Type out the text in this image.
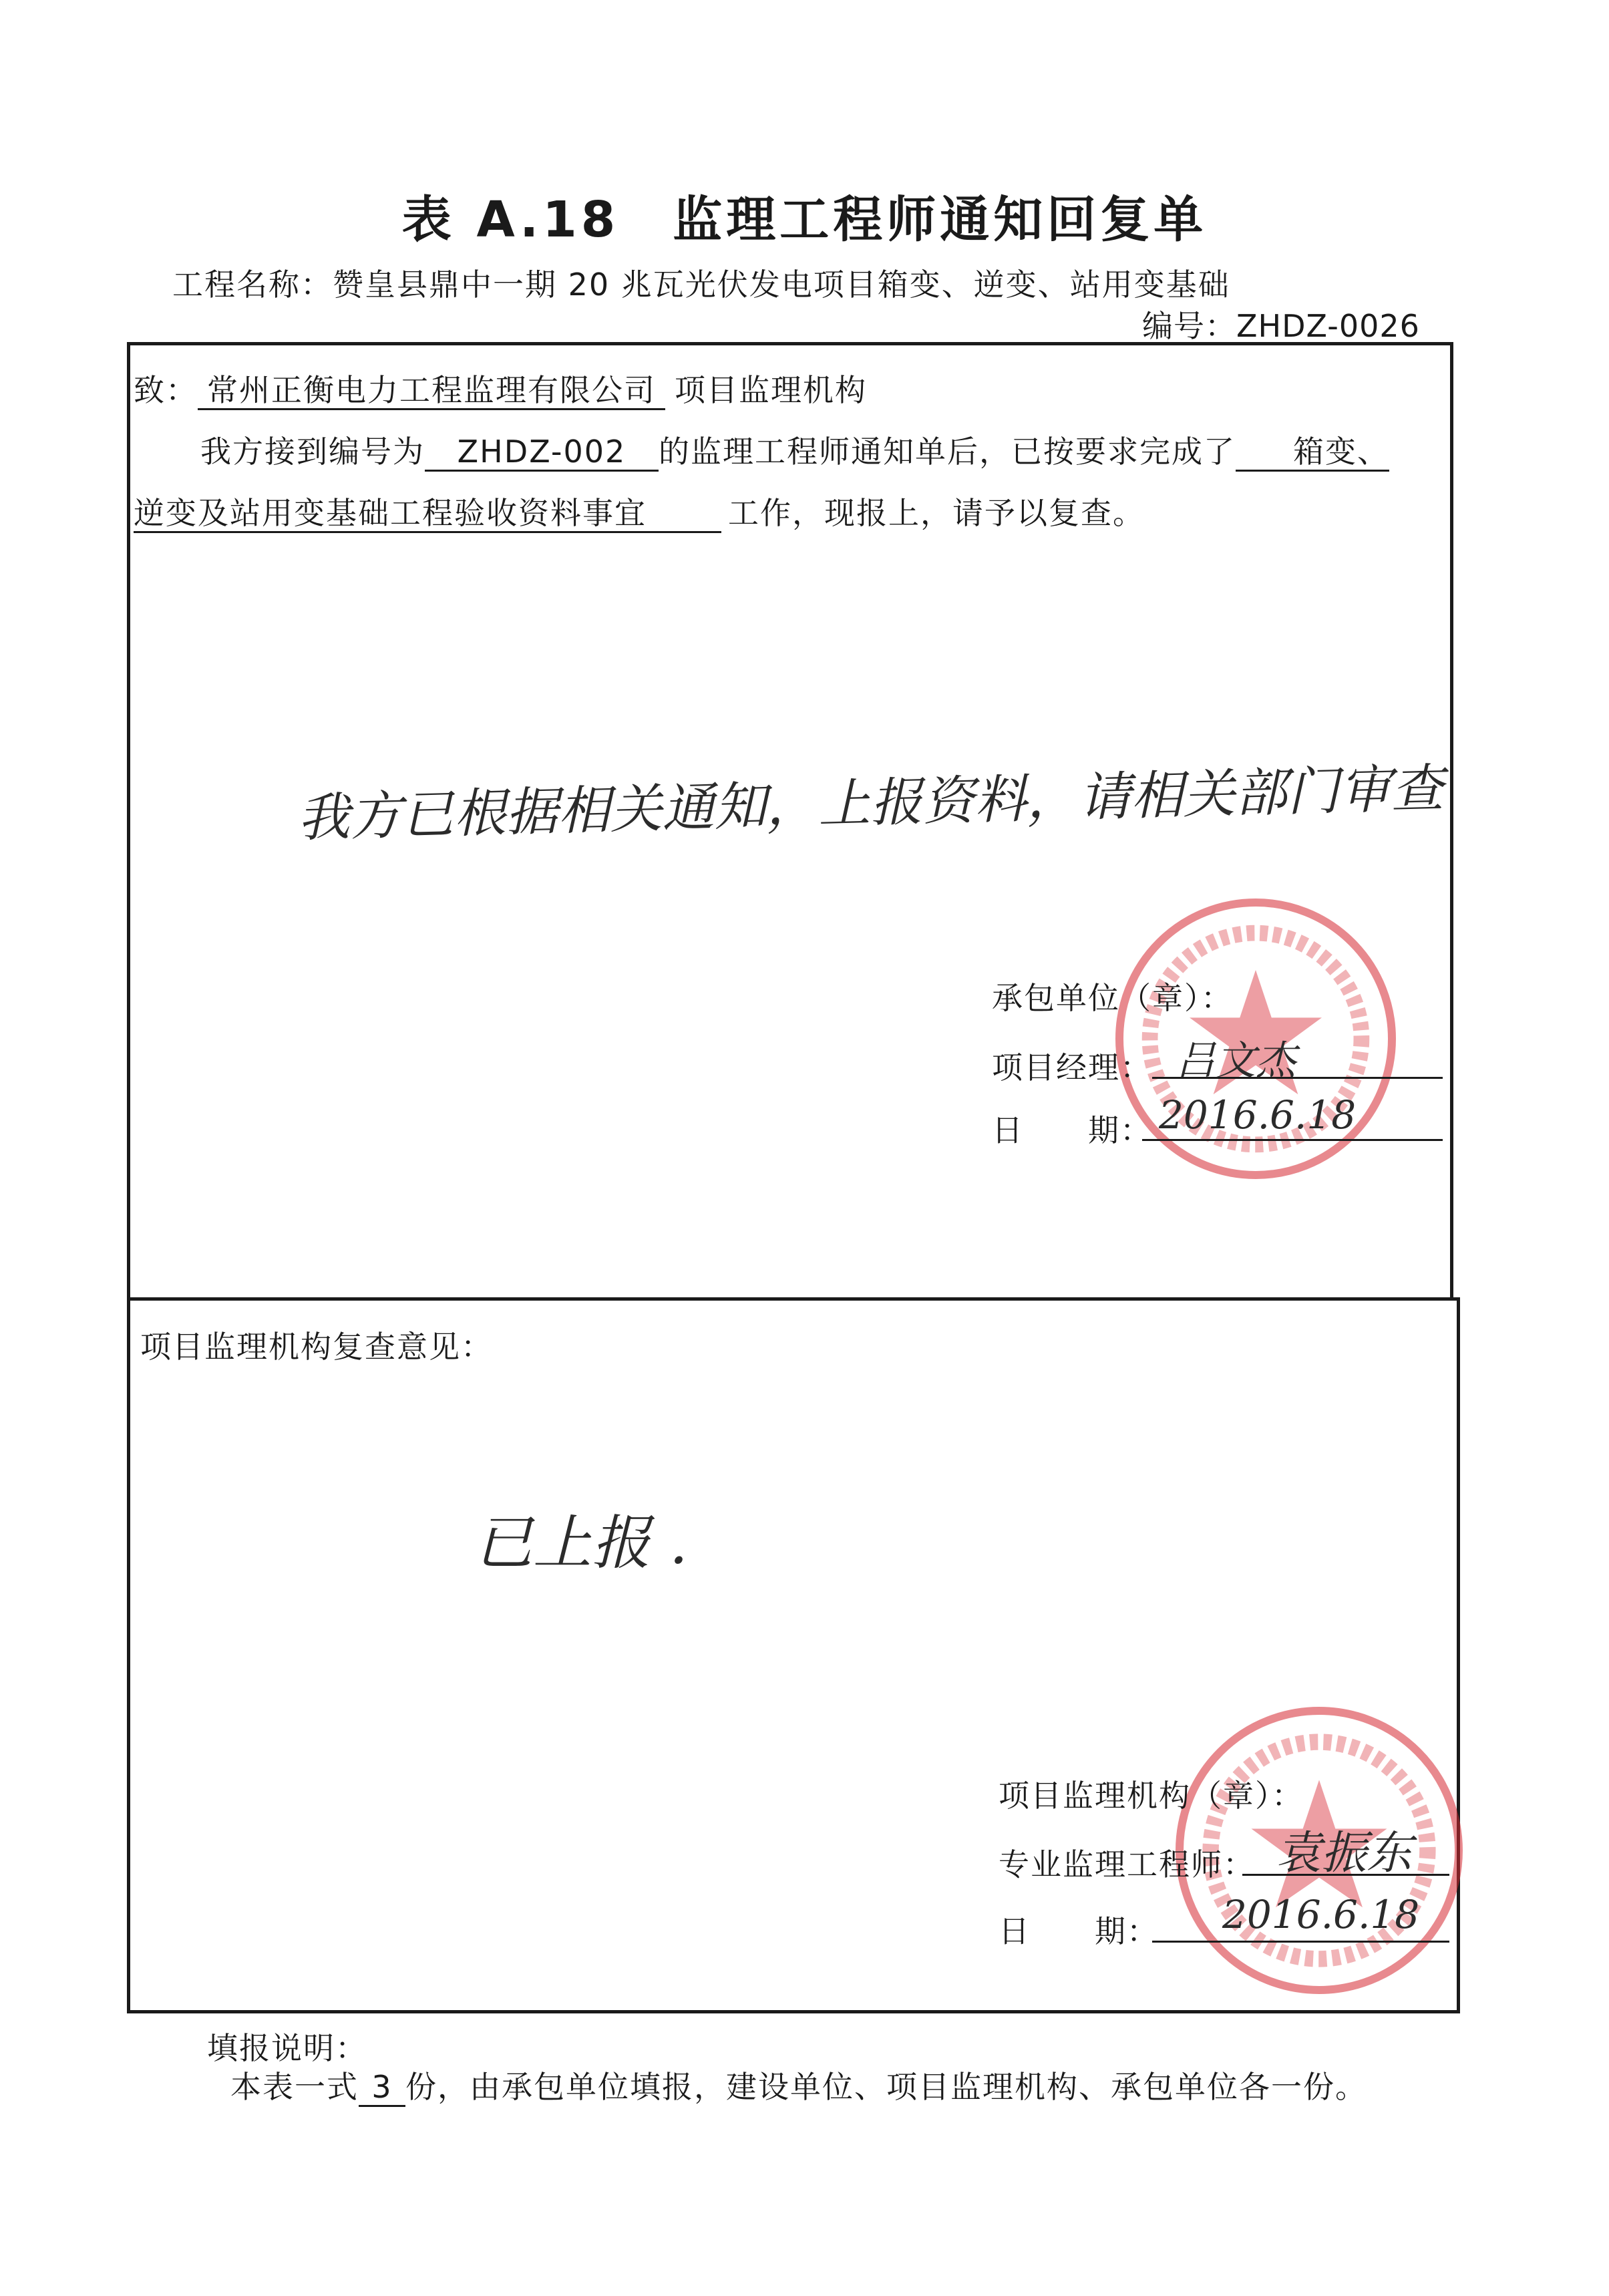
表 A.18 监理工程师通知回复单
工程名称：赞皇县鼎中一期 20 兆瓦光伏发电项目箱变、逆变、站用变基础
编号：ZHDZ-0026
致： 常州正衡电力工程监理有限公司 项目监理机构
我方接到编号为 ZHDZ-002 的监理工程师通知单后，已按要求完成了 箱变、
逆变及站用变基础工程验收资料事宜	工作，现报上，请予以复查。
我方已根据相关通知，上报资料，请相关部门审查
承包单位（章）：
项目经理： 吕文杰
日　　期： 2016.6.18
项目监理机构复查意见：
已上报 .
项目监理机构（章）：
专业监理工程师： 袁振东
日　　期： 2016.6.18
填报说明：
本表一式 3 份，由承包单位填报，建设单位、项目监理机构、承包单位各一份。
